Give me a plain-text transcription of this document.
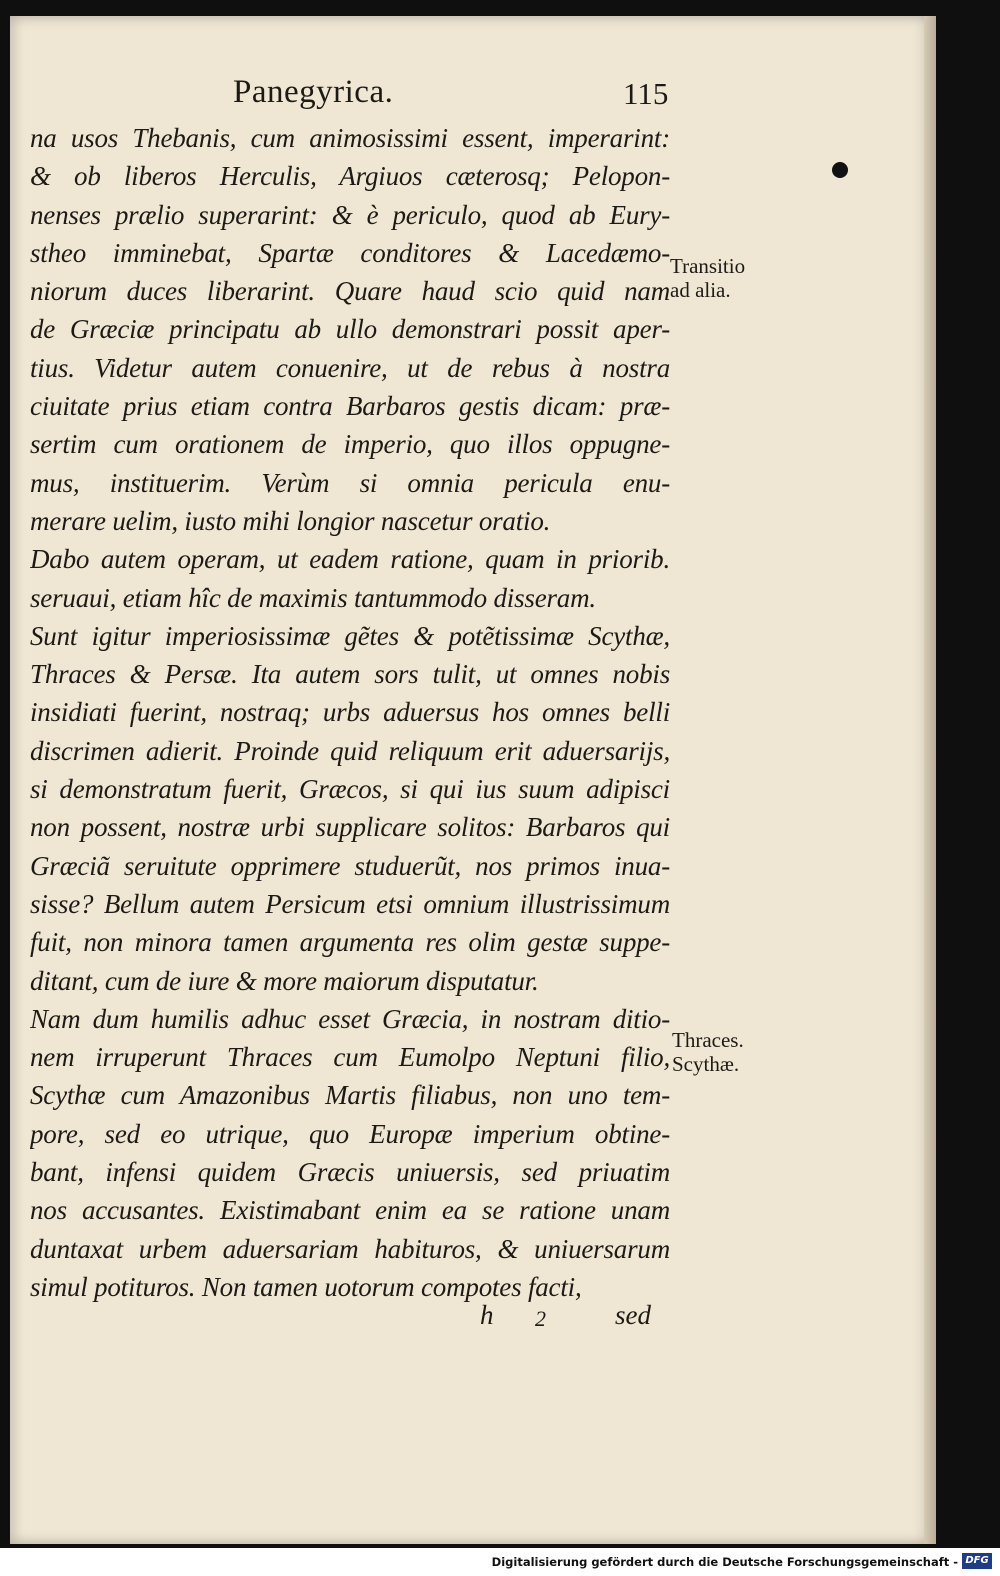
Panegyrica.	115
na usos Thebanis, cum animosissimi essent, imperarint:
& ob liberos Herculis, Argiuos cæterosq; Pelopon-
nenses prælio superarint: & è periculo, quod ab Eury-
stheo imminebat, Spartæ conditores & Lacedæmo-
niorum duces liberarint. Quare haud scio quid nam
de Græciæ principatu ab ullo demonstrari possit aper-
tius. Videtur autem conuenire, ut de rebus à nostra
ciuitate prius etiam contra Barbaros gestis dicam: præ-
sertim cum orationem de imperio, quo illos oppugne-
mus, instituerim. Verùm si omnia pericula enu-
merare uelim, iusto mihi longior nascetur oratio.
Dabo autem operam, ut eadem ratione, quam in priorib.
seruaui, etiam hîc de maximis tantummodo disseram.
Sunt igitur imperiosissimæ gẽtes & potẽtissimæ Scythæ,
Thraces & Persæ. Ita autem sors tulit, ut omnes nobis
insidiati fuerint, nostraq; urbs aduersus hos omnes belli
discrimen adierit. Proinde quid reliquum erit aduersarijs,
si demonstratum fuerit, Græcos, si qui ius suum adipisci
non possent, nostræ urbi supplicare solitos: Barbaros qui
Græciã seruitute opprimere studuerũt, nos primos inua-
sisse? Bellum autem Persicum etsi omnium illustrissimum
fuit, non minora tamen argumenta res olim gestæ suppe-
ditant, cum de iure & more maiorum disputatur.
Nam dum humilis adhuc esset Græcia, in nostram ditio-
nem irruperunt Thraces cum Eumolpo Neptuni filio,
Scythæ cum Amazonibus Martis filiabus, non uno tem-
pore, sed eo utrique, quo Europæ imperium obtine-
bant, infensi quidem Græcis uniuersis, sed priuatim
nos accusantes. Existimabant enim ea se ratione unam
duntaxat urbem aduersariam habituros, & uniuersarum
simul potituros. Non tamen uotorum compotes facti,
Transitio
ad alia.
Thraces.
Scythæ.
h 2	sed
Digitalisierung gefördert durch die Deutsche Forschungsgemeinschaft - DFG
